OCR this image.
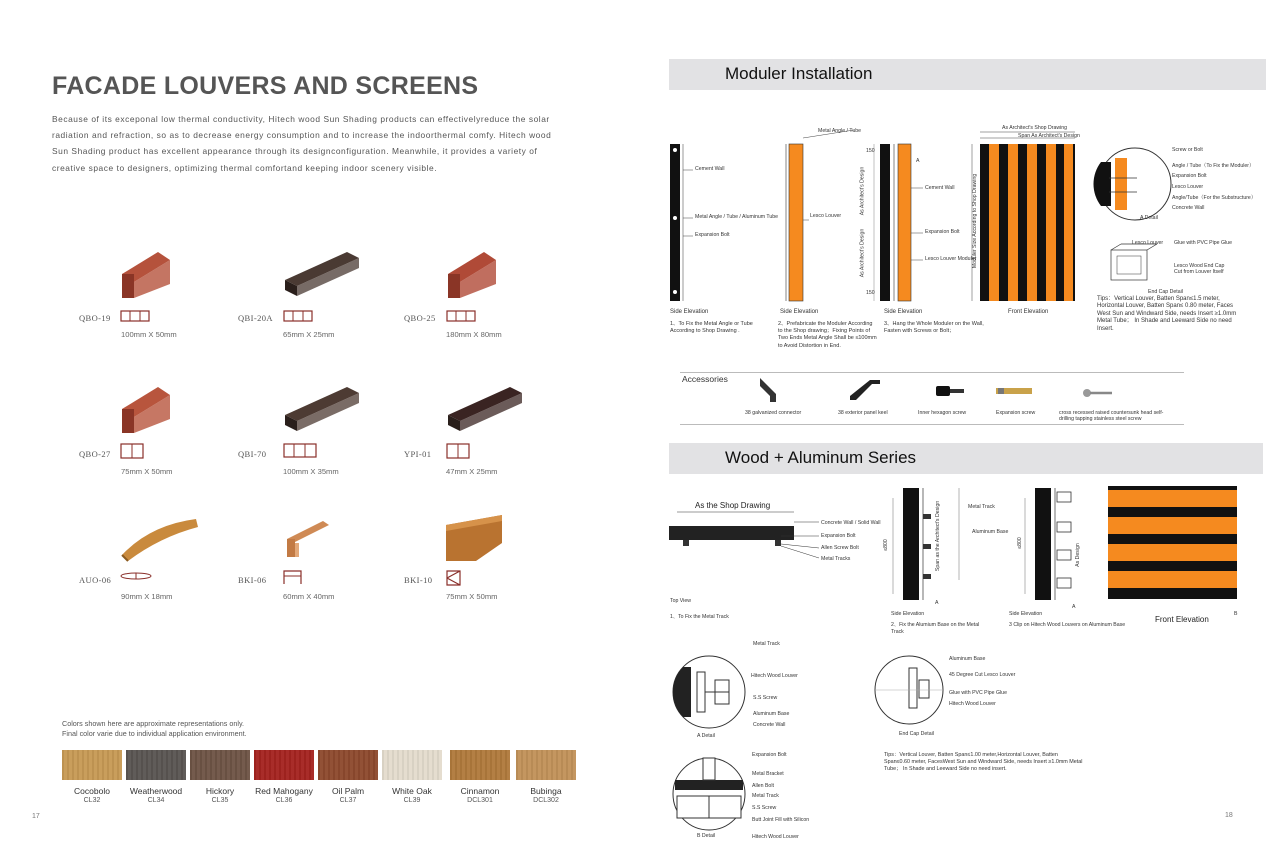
FACADE LOUVERS AND SCREENS
Because of its exceponal low thermal conductivity, Hitech wood Sun Shading products can effectivelyreduce the solar radiation and refraction, so as to decrease energy consumption and to increase the indoorthermal comfy. Hitech wood Sun Shading product has excellent appearance through its designconfiguration. Meanwhile, it provides a variety of creative space to designers, optimizing thermal comfortand keeping indoor scenery visible.
QBO-19
100mm X 50mm
QBI-20A
65mm X 25mm
QBO-25
180mm X 80mm
QBO-27
75mm X 50mm
QBI-70
100mm X 35mm
YPI-01
47mm X 25mm
AUO-06
90mm X 18mm
BKI-06
60mm X 40mm
BKI-10
75mm X 50mm
Colors shown here are approximate representations only.
Final color varie due to individual application environment.
Cocobolo
CL32
Weatherwood
CL34
Hickory
CL35
Red Mahogany
CL36
Oil Palm
CL37
White Oak
CL39
Cinnamon
DCL301
Bubinga
DCL302
17
Moduler Installation
Metal Angle / Tube	As Architect's Shop Drawing
Span As Architect's Design
Cement Wall
Metal Angle / Tube / Aluminum Tube
Expansion Bolt
Lesco Louver
Cement Wall
Expansion Bolt
Lesco Louver Moduler
A
150
150
As Architect's Design
As Architect's Design	Moduler Size According to Shop Drawing
Screw or Bolt
Angle / Tube（To Fix the Moduler）
Expansion Bolt
Lesco Louver
Angle/Tube（For the Substructure）
Concrete Wall
A Detail
Lesco Louver Glue with PVC Pipe Glue
Lesco Wood End Cap Cut from Louver Itself
End Cap Detail
Side Elevation	Side Elevation	Side Elevation	Front Elevation
1、To Fix the Metal Angle or Tube According to Shop Drawing .
2、Prefabricate the Moduler According to the Shop drawing；Fixing Points of Two Ends Metal Angle Shall be ≤100mm to Avoid Distortion in End.
3、Hang the Whole Moduler on the Wall, Fasten with Screws or Bolt；
Tips：Vertical Louver, Batten Span≤1.5 meter, Horizontal Louver, Batten Span≤ 0.80 meter, Faces West Sun and Windward Side, needs Insert ≥1.0mm Metal Tube； In Shade and Leeward Side no need Insert.
Accessories
38 galvanized connector	38 exterior panel keel	Inner hexagon screw	Expansion screw	cross recessed raised countersunk head self-drilling tapping stainless steel screw
Wood + Aluminum Series
As the Shop Drawing
Concrete Wall / Solid Wall
Expansion Bolt
Allen Screw Bolt
Metal Tracks
Top View
1、To Fix the Metal Track
Metal Track
Aluminum Base
Span as the Architect's Design
≤800	As Design
≤800
A
A
B
Side Elevation	Side Elevation
2、Fix the Alumium Base on the Metal Track
3 Clip on Hitech Wood Louvers on Aluminum Base
Front Elevation
Metal Track
Hitech Wood Louver
S.S Screw
Aluminum Base
Concrete Wall
A Detail
Aluminum Base
45 Degree Cut Lesco Louver
Glue with PVC Pipe Glue
Hitech Wood Louver
End Cap Detail
Tips：Vertical Louver, Batten Span≤1.00 meter,Horizontal Louver, Batten Span≤0.60 meter, FacesWest Sun and Windward Side, needs Insert ≥1.0mm Metal Tube； In Shade and Leeward Side no need insert.
Expansion Bolt
Metal Bracket
Allen Bolt
Metal Track
S.S Screw
Butt Joint Fill with Silicon
Hitech Wood Louver
B Detail
18
